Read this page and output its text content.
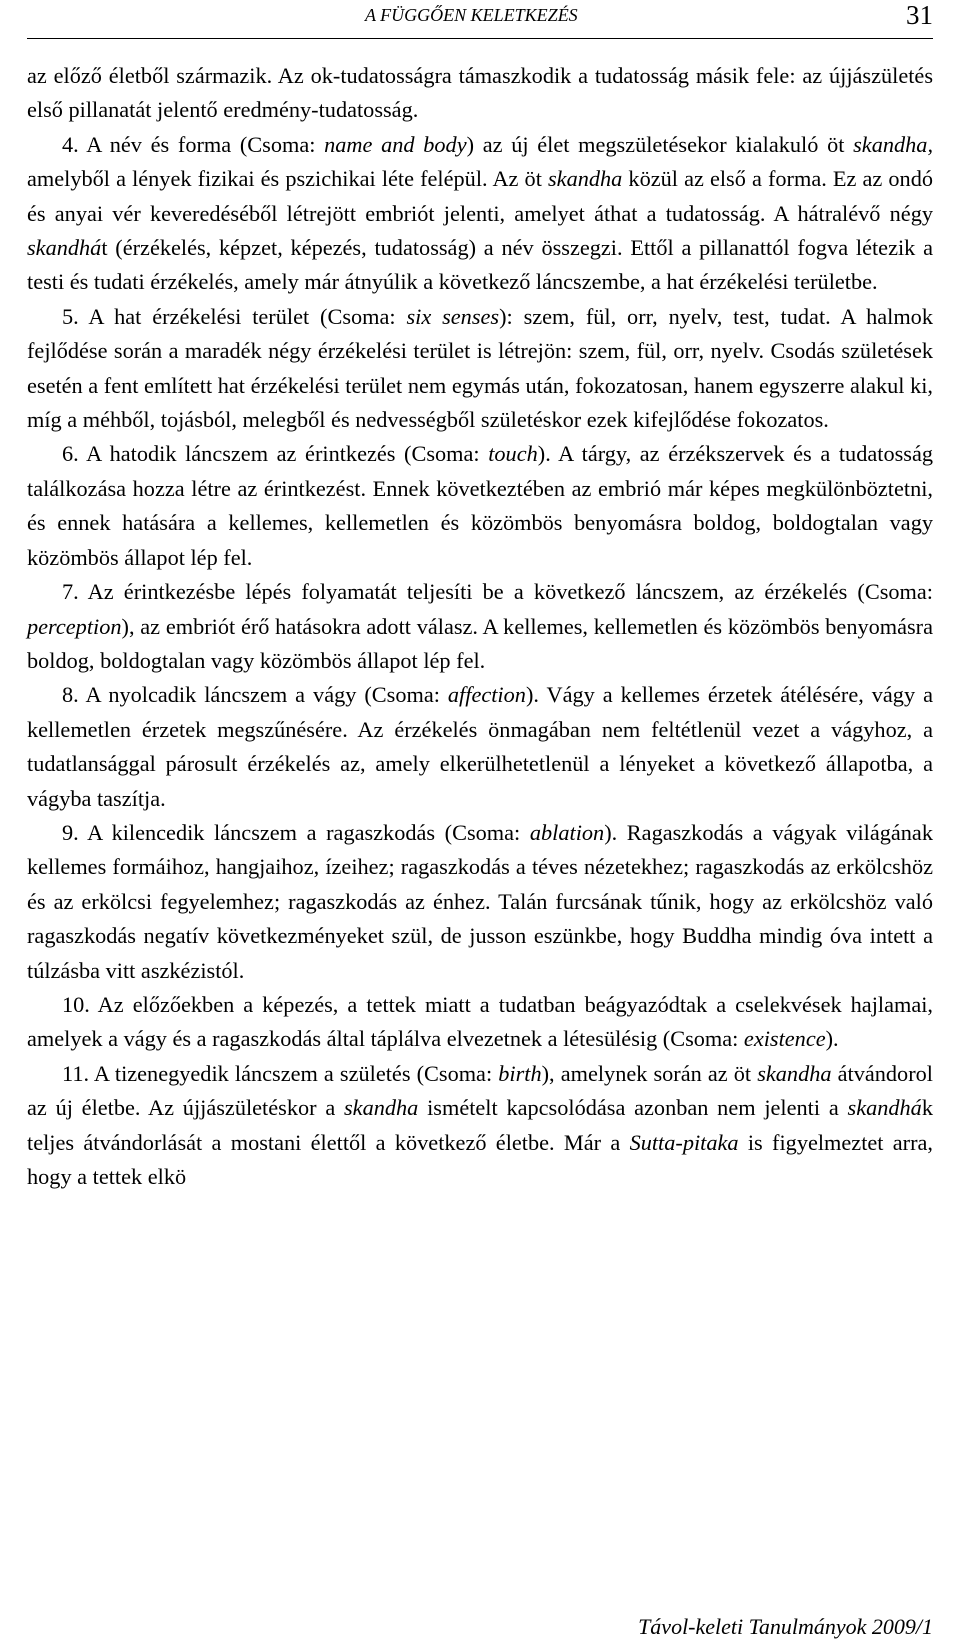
A FÜGGŐEN KELETKEZÉS	31

az előző életből származik. Az ok-tudatosságra támaszkodik a tudatosság másik fele: az újjászületés első pillanatát jelentő eredmény-tudatosság.

4. A név és forma (Csoma: name and body) az új élet megszületésekor kialakuló öt skandha, amelyből a lények fizikai és pszichikai léte felépül. Az öt skandha közül az első a forma. Ez az ondó és anyai vér keveredéséből létrejött embriót jelenti, amelyet áthat a tudatosság. A hátralévő négy skandhát (érzékelés, képzet, képezés, tudatosság) a név összegzi. Ettől a pillanattól fogva létezik a testi és tudati érzékelés, amely már átnyúlik a következő láncszembe, a hat érzékelési területbe.

5. A hat érzékelési terület (Csoma: six senses): szem, fül, orr, nyelv, test, tudat. A halmok fejlődése során a maradék négy érzékelési terület is létrejön: szem, fül, orr, nyelv. Csodás születések esetén a fent említett hat érzékelési terület nem egymás után, fokozatosan, hanem egyszerre alakul ki, míg a méhből, tojásból, melegből és nedvességből születéskor ezek kifejlődése fokozatos.

6. A hatodik láncszem az érintkezés (Csoma: touch). A tárgy, az érzékszervek és a tudatosság találkozása hozza létre az érintkezést. Ennek következtében az embrió már képes megkülönböztetni, és ennek hatására a kellemes, kellemetlen és közömbös benyomásra boldog, boldogtalan vagy közömbös állapot lép fel.

7. Az érintkezésbe lépés folyamatát teljesíti be a következő láncszem, az érzékelés (Csoma: perception), az embriót érő hatásokra adott válasz. A kellemes, kellemetlen és közömbös benyomásra boldog, boldogtalan vagy közömbös állapot lép fel.

8. A nyolcadik láncszem a vágy (Csoma: affection). Vágy a kellemes érzetek átélésére, vágy a kellemetlen érzetek megszűnésére. Az érzékelés önmagában nem feltétlenül vezet a vágyhoz, a tudatlansággal párosult érzékelés az, amely elkerülhetetlenül a lényeket a következő állapotba, a vágyba taszítja.

9. A kilencedik láncszem a ragaszkodás (Csoma: ablation). Ragaszkodás a vágyak világának kellemes formáihoz, hangjaihoz, ízeihez; ragaszkodás a téves nézetekhez; ragaszkodás az erkölcshöz és az erkölcsi fegyelemhez; ragaszkodás az énhez. Talán furcsának tűnik, hogy az erkölcshöz való ragaszkodás negatív következményeket szül, de jusson eszünkbe, hogy Buddha mindig óva intett a túlzásba vitt aszkézistól.

10. Az előzőekben a képezés, a tettek miatt a tudatban beágyazódtak a cselekvések hajlamai, amelyek a vágy és a ragaszkodás által táplálva elvezetnek a létesülésig (Csoma: existence).

11. A tizenegyedik láncszem a születés (Csoma: birth), amelynek során az öt skandha átvándorol az új életbe. Az újjászületéskor a skandha ismételt kapcsolódása azonban nem jelenti a skandhák teljes átvándorlását a mostani élettől a következő életbe. Már a Sutta-pitaka is figyelmeztet arra, hogy a tettek elkö

Távol-keleti Tanulmányok 2009/1
